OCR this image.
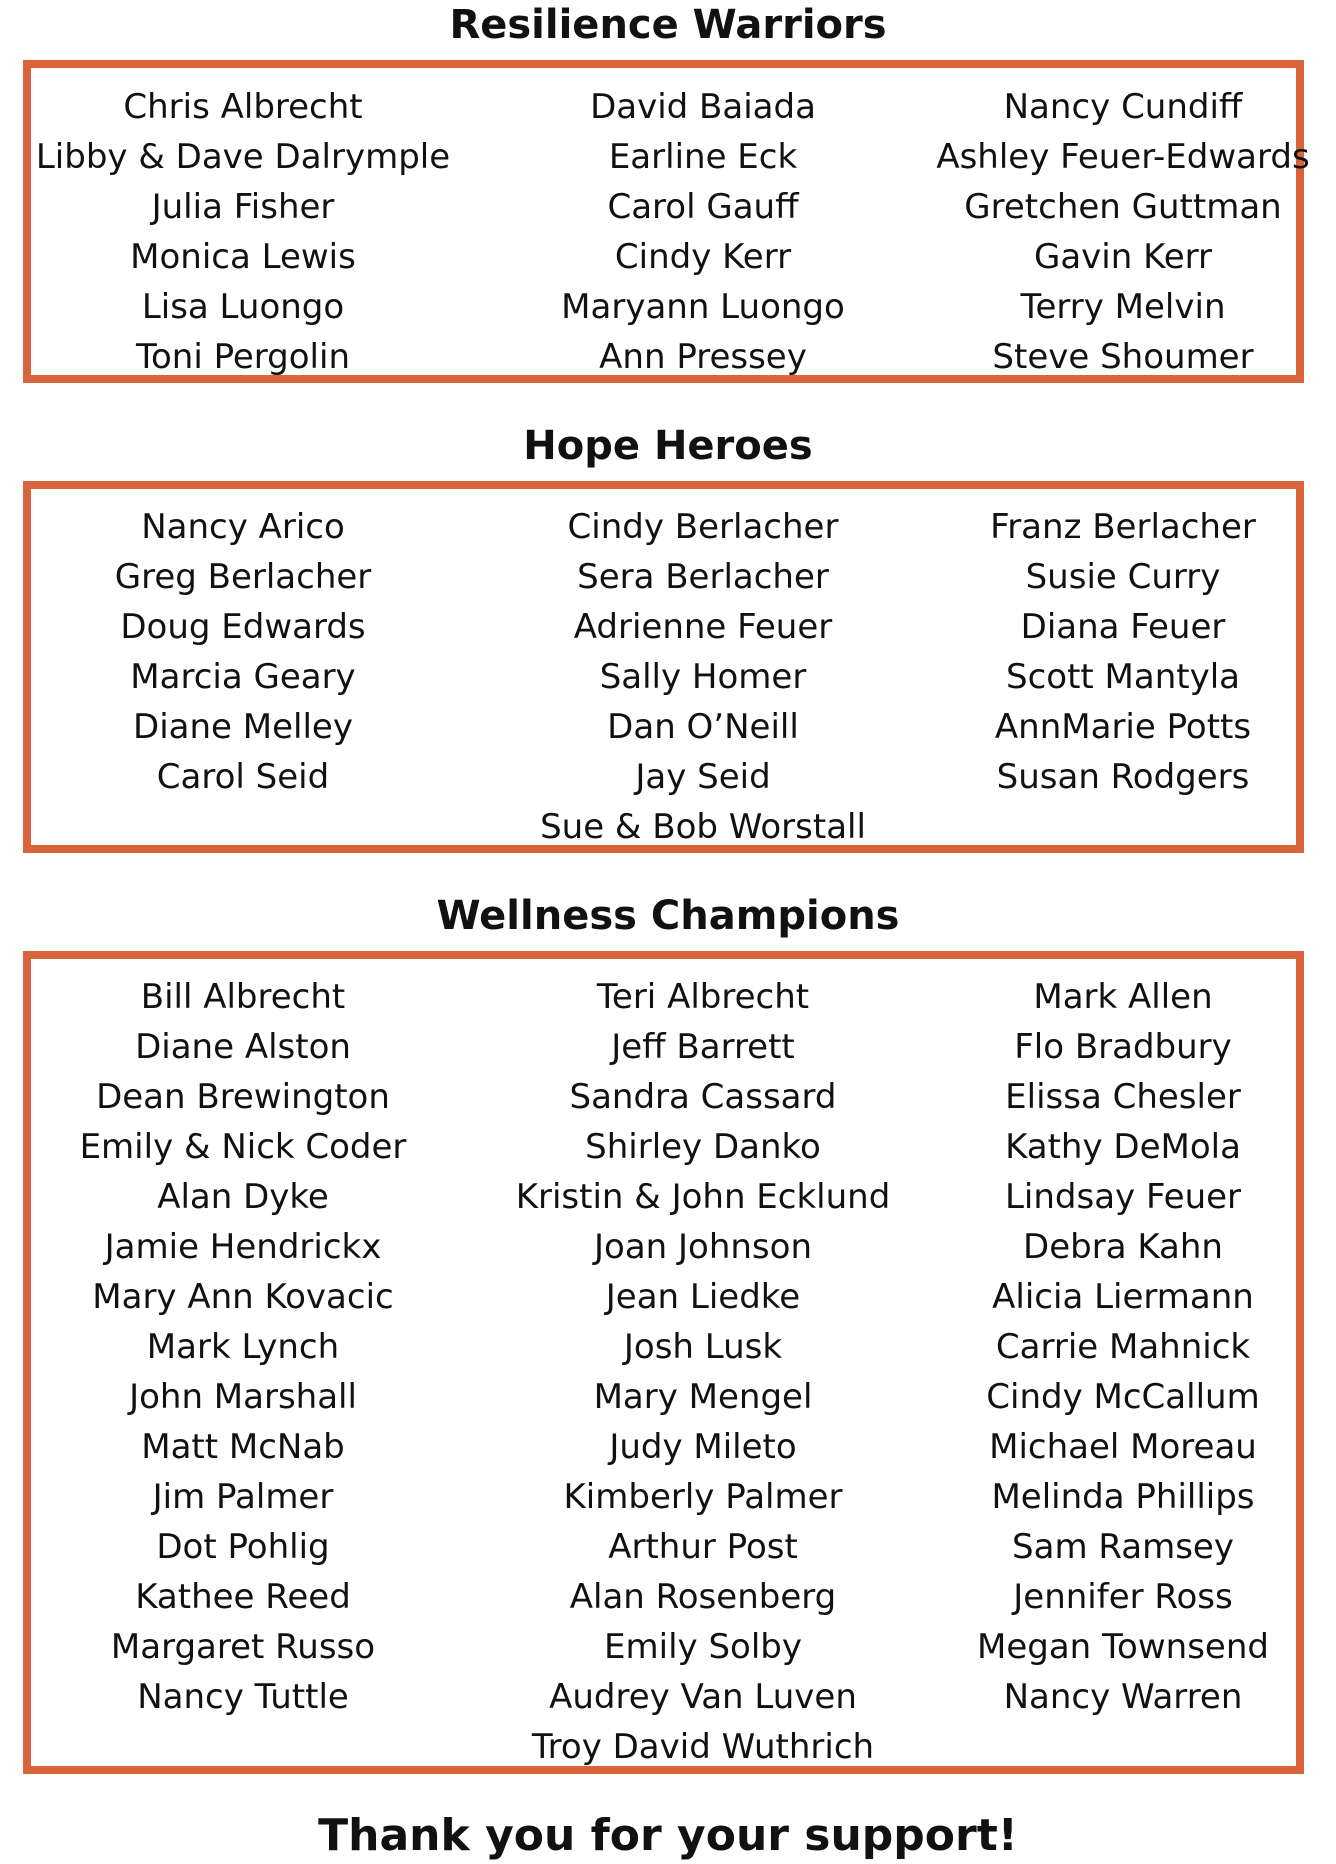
Resilience Warriors
Chris Albrecht
Libby & Dave Dalrymple
Julia Fisher
Monica Lewis
Lisa Luongo
Toni Pergolin
David Baiada
Earline Eck
Carol Gauff
Cindy Kerr
Maryann Luongo
Ann Pressey
Nancy Cundiff
Ashley Feuer-Edwards
Gretchen Guttman
Gavin Kerr
Terry Melvin
Steve Shoumer
Hope Heroes
Nancy Arico
Greg Berlacher
Doug Edwards
Marcia Geary
Diane Melley
Carol Seid
Cindy Berlacher
Sera Berlacher
Adrienne Feuer
Sally Homer
Dan O’Neill
Jay Seid
Sue & Bob Worstall
Franz Berlacher
Susie Curry
Diana Feuer
Scott Mantyla
AnnMarie Potts
Susan Rodgers
Wellness Champions
Bill Albrecht
Diane Alston
Dean Brewington
Emily & Nick Coder
Alan Dyke
Jamie Hendrickx
Mary Ann Kovacic
Mark Lynch
John Marshall
Matt McNab
Jim Palmer
Dot Pohlig
Kathee Reed
Margaret Russo
Nancy Tuttle
Teri Albrecht
Jeff Barrett
Sandra Cassard
Shirley Danko
Kristin & John Ecklund
Joan Johnson
Jean Liedke
Josh Lusk
Mary Mengel
Judy Mileto
Kimberly Palmer
Arthur Post
Alan Rosenberg
Emily Solby
Audrey Van Luven
Troy David Wuthrich
Mark Allen
Flo Bradbury
Elissa Chesler
Kathy DeMola
Lindsay Feuer
Debra Kahn
Alicia Liermann
Carrie Mahnick
Cindy McCallum
Michael Moreau
Melinda Phillips
Sam Ramsey
Jennifer Ross
Megan Townsend
Nancy Warren

Thank you for your support!
